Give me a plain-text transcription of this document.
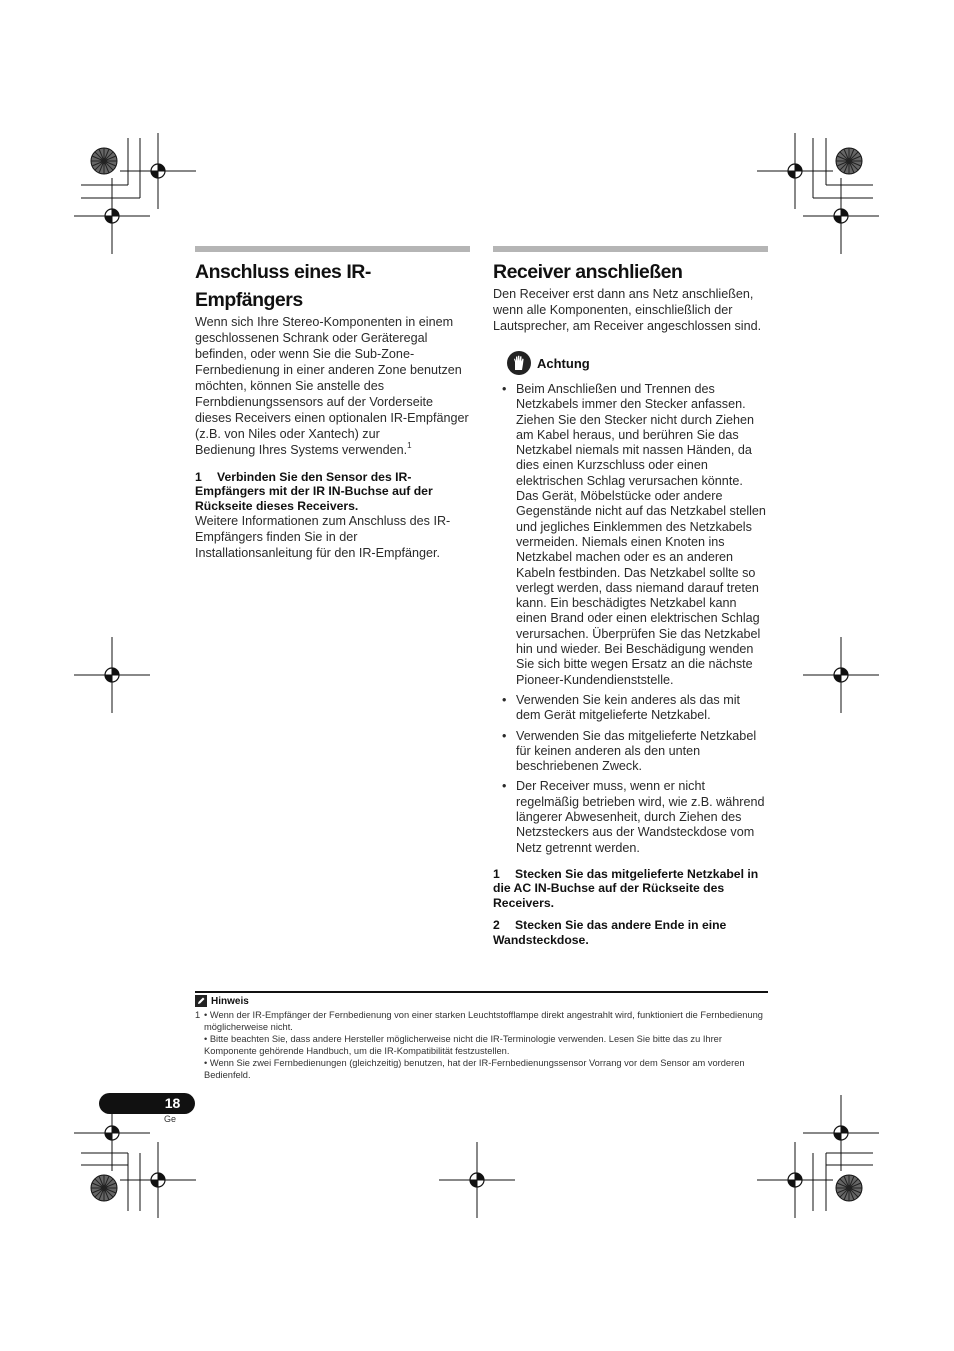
Anschluss eines IR-Empfängers

Wenn sich Ihre Stereo-Komponenten in einem geschlossenen Schrank oder Geräteregal befinden, oder wenn Sie die Sub-Zone-Fernbedienung in einer anderen Zone benutzen möchten, können Sie anstelle des Fernbdienungssensors auf der Vorderseite dieses Receivers einen optionalen IR-Empfänger (z.B. von Niles oder Xantech) zur
Bedienung Ihres Systems verwenden.$^1$

1 Verbinden Sie den Sensor des IR-Empfängers mit der IR IN-Buchse auf der Rückseite dieses Receivers.

Weitere Informationen zum Anschluss des IR-Empfängers finden Sie in der Installationsanleitung für den IR-Empfänger.

Receiver anschließen

Den Receiver erst dann ans Netz anschließen, wenn alle Komponenten, einschließlich der Lautsprecher, am Receiver angeschlossen sind.

Achtung
• Beim Anschließen und Trennen des Netzkabels immer den Stecker anfassen. Ziehen Sie den Stecker nicht durch Ziehen am Kabel heraus, und berühren Sie das Netzkabel niemals mit nassen Händen, da dies einen Kurzschluss oder einen elektrischen Schlag verursachen könnte. Das Gerät, Möbelstücke oder andere Gegenstände nicht auf das Netzkabel stellen und jegliches Einklemmen des Netzkabels vermeiden. Niemals einen Knoten ins Netzkabel machen oder es an anderen Kabeln festbinden. Das Netzkabel sollte so verlegt werden, dass niemand darauf treten kann. Ein beschädigtes Netzkabel kann einen Brand oder einen elektrischen Schlag verursachen. Überprüfen Sie das Netzkabel hin und wieder. Bei Beschädigung wenden Sie sich bitte wegen Ersatz an die nächste Pioneer-Kundendienststelle.
• Verwenden Sie kein anderes als das mit dem Gerät mitgelieferte Netzkabel.
• Verwenden Sie das mitgelieferte Netzkabel für keinen anderen als den unten beschriebenen Zweck.
• Der Receiver muss, wenn er nicht regelmäßig betrieben wird, wie z.B. während längerer Abwesenheit, durch Ziehen des Netzsteckers aus der Wandsteckdose vom Netz getrennt werden.

1 Stecken Sie das mitgelieferte Netzkabel in die AC IN-Buchse auf der Rückseite des Receivers.

2 Stecken Sie das andere Ende in eine Wandsteckdose.

Hinweis
1 • Wenn der IR-Empfänger der Fernbedienung von einer starken Leuchtstofflampe direkt angestrahlt wird, funktioniert die Fernbedienung möglicherweise nicht.
• Bitte beachten Sie, dass andere Hersteller möglicherweise nicht die IR-Terminologie verwenden. Lesen Sie bitte das zu Ihrer Komponente gehörende Handbuch, um die IR-Kompatibilität festzustellen.
• Wenn Sie zwei Fernbedienungen (gleichzeitig) benutzen, hat der IR-Fernbedienungssensor Vorrang vor dem Sensor am vorderen Bedienfeld.
18
Ge
